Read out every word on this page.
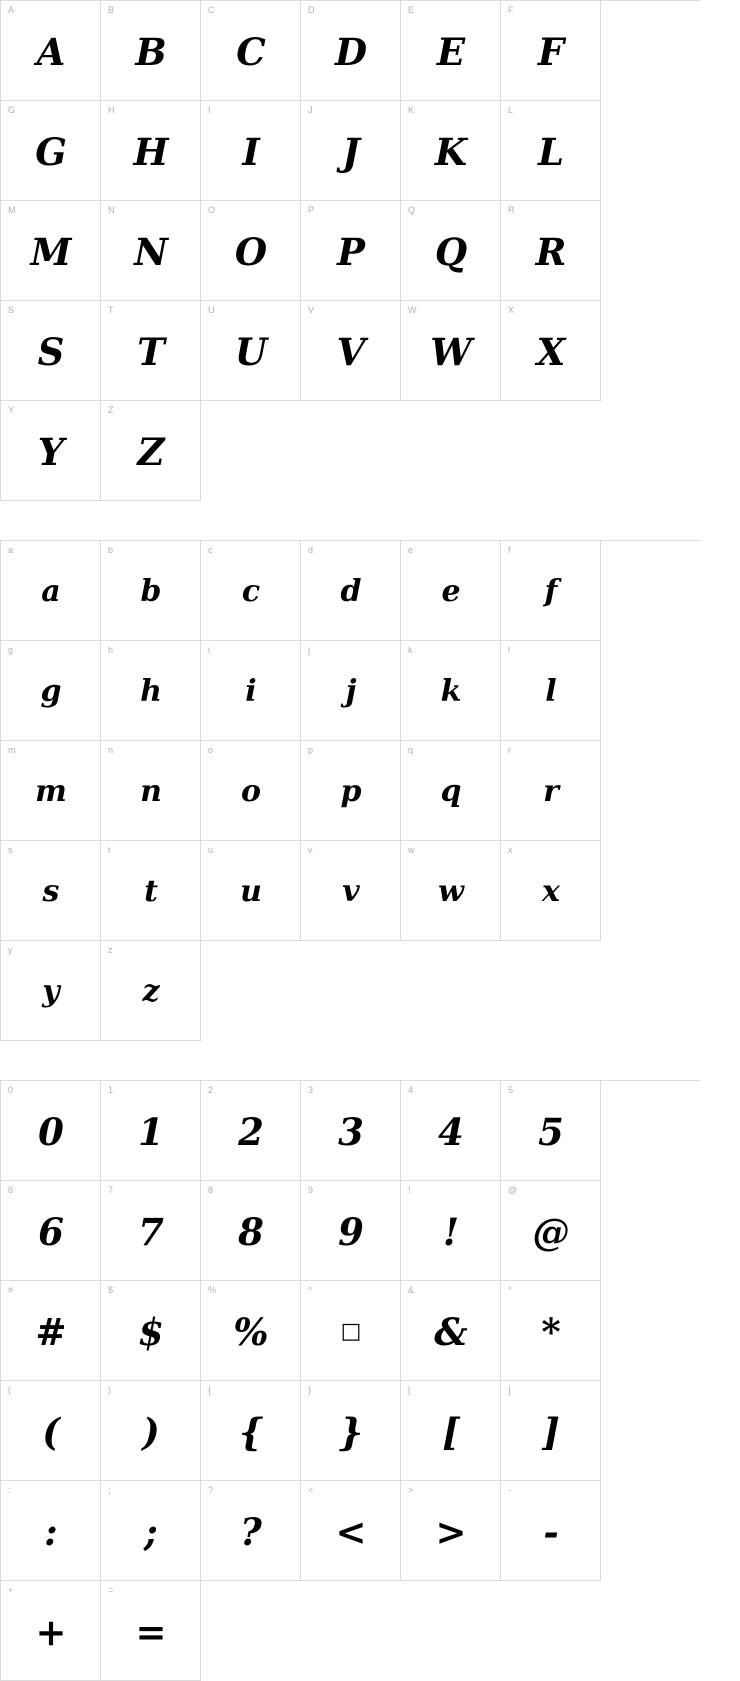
A
A
B
B
C
C
D
D
E
E
F
F
G
G
H
H
I
I
J
J
K
K
L
L
M
M
N
N
O
O
P
P
Q
Q
R
R
S
S
T
T
U
U
V
V
W
W
X
X
Y
Y
Z
Z
a
a
b
b
c
c
d
d
e
e
f
f
g
g
h
h
i
i
j
j
k
k
l
l
m
m
n
n
o
o
p
p
q
q
r
r
s
s
t
t
u
u
v
v
w
w
x
x
y
y
z
z
0
0
1
1
2
2
3
3
4
4
5
5
6
6
7
7
8
8
9
9
!
!
@
@
#
#
$
$
%
%
^
□
&
&
*
*
(
(
)
)
{
{
}
}
[
[
]
]
:
:
;
;
?
?
<
<
>
>
-
-
+
+
=
=
